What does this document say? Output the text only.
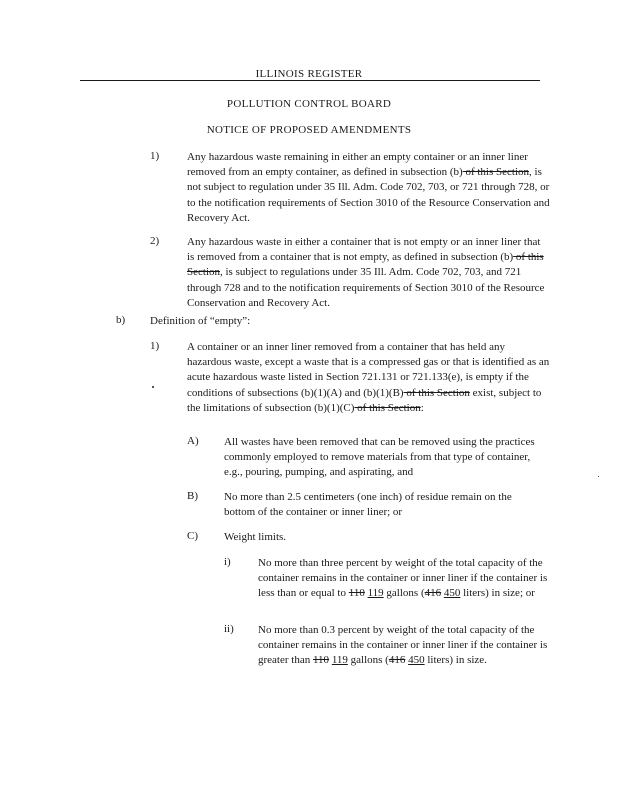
ILLINOIS REGISTER
POLLUTION CONTROL BOARD
NOTICE OF PROPOSED AMENDMENTS
1)	Any hazardous waste remaining in either an empty container or an inner liner removed from an empty container, as defined in subsection (b) of this Section, is not subject to regulation under 35 Ill. Adm. Code 702, 703, or 721 through 728, or to the notification requirements of Section 3010 of the Resource Conservation and Recovery Act.
2)	Any hazardous waste in either a container that is not empty or an inner liner that is removed from a container that is not empty, as defined in subsection (b) of this Section, is subject to regulations under 35 Ill. Adm. Code 702, 703, and 721 through 728 and to the notification requirements of Section 3010 of the Resource Conservation and Recovery Act.
b) Definition of “empty”:
1)	A container or an inner liner removed from a container that has held any hazardous waste, except a waste that is a compressed gas or that is identified as an acute hazardous waste listed in Section 721.131 or 721.133(e), is empty if the conditions of subsections (b)(1)(A) and (b)(1)(B) of this Section exist, subject to the limitations of subsection (b)(1)(C) of this Section:
A) All wastes have been removed that can be removed using the practices commonly employed to remove materials from that type of container, e.g., pouring, pumping, and aspirating, and
B) No more than 2.5 centimeters (one inch) of residue remain on the bottom of the container or inner liner; or
C) Weight limits.
i) No more than three percent by weight of the total capacity of the container remains in the container or inner liner if the container is less than or equal to 110 119 gallons (416 450 liters) in size; or
ii) No more than 0.3 percent by weight of the total capacity of the container remains in the container or inner liner if the container is greater than 110 119 gallons (416 450 liters) in size.
